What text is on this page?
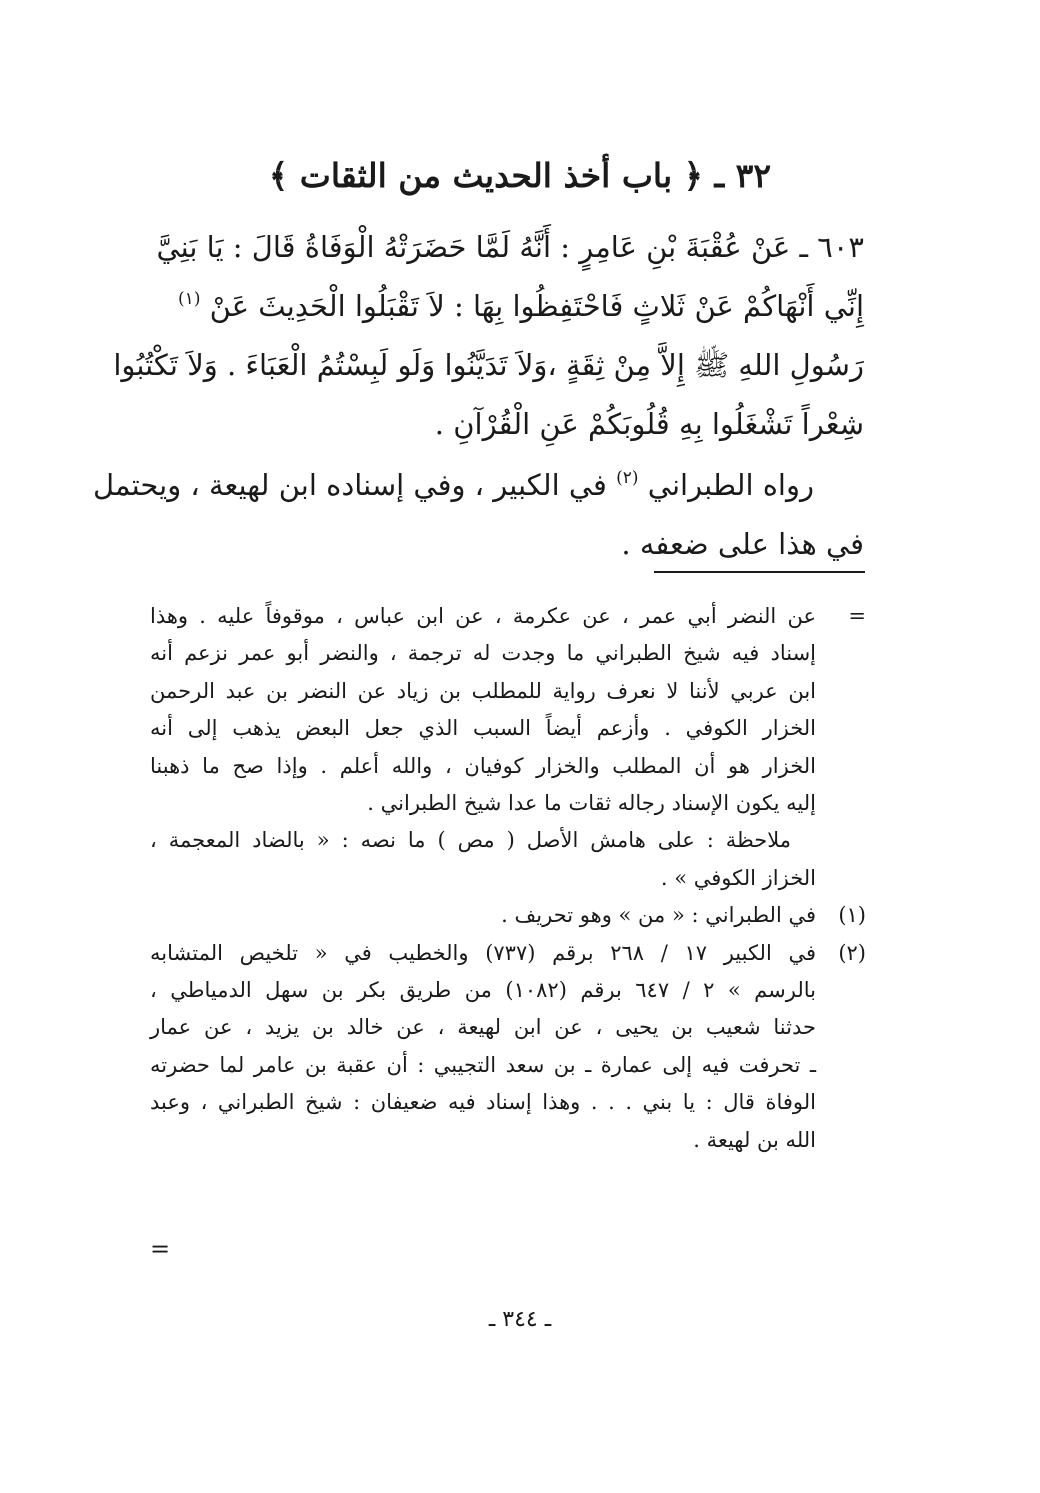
٣٢ ـ ﴿ باب أخذ الحديث من الثقات ﴾
٦٠٣ ـ عَنْ عُقْبَةَ بْنِ عَامِرٍ : أَنَّهُ لَمَّا حَضَرَتْهُ الْوَفَاةُ قَالَ : يَا بَنِيَّ
إِنِّي أَنْهَاكُمْ عَنْ ثَلاثٍ فَاحْتَفِظُوا بِهَا : لاَ تَقْبَلُوا الْحَدِيثَ عَنْ $^{(١)}$
رَسُولِ اللهِ ﷺ إِلاَّ مِنْ ثِقَةٍ ،وَلاَ تَدَيَّنُوا وَلَو لَبِسْتُمُ الْعَبَاءَ . وَلاَ تَكْتُبُوا
شِعْراً تَشْغَلُوا بِهِ قُلُوبَكُمْ عَنِ الْقُرْآنِ .
رواه الطبراني $^{(٢)}$ في الكبير ، وفي إسناده ابن لهيعة ، ويحتمل
في هذا على ضعفه .
=
عن النضر أبي عمر ، عن عكرمة ، عن ابن عباس ، موقوفاً عليه . وهذا
إسناد فيه شيخ الطبراني ما وجدت له ترجمة ، والنضر أبو عمر نزعم أنه
ابن عربي لأننا لا نعرف رواية للمطلب بن زياد عن النضر بن عبد الرحمن
الخزار الكوفي . وأزعم أيضاً السبب الذي جعل البعض يذهب إلى أنه
الخزار هو أن المطلب والخزار كوفيان ، والله أعلم . وإذا صح ما ذهبنا
إليه يكون الإسناد رجاله ثقات ما عدا شيخ الطبراني .
ملاحظة : على هامش الأصل ( مص ) ما نصه : « بالضاد المعجمة ،
الخزاز الكوفي » .
(١)
في الطبراني : « من » وهو تحريف .
(٢)
في الكبير ١٧ / ٢٦٨ برقم (٧٣٧) والخطيب في « تلخيص المتشابه
بالرسم » ٢ / ٦٤٧ برقم (١٠٨٢) من طريق بكر بن سهل الدمياطي ،
حدثنا شعيب بن يحيى ، عن ابن لهيعة ، عن خالد بن يزيد ، عن عمار
ـ تحرفت فيه إلى عمارة ـ بن سعد التجيبي : أن عقبة بن عامر لما حضرته
الوفاة قال : يا بني . . . وهذا إسناد فيه ضعيفان : شيخ الطبراني ، وعبد
الله بن لهيعة .
=
ـ ٣٤٤ ـ
